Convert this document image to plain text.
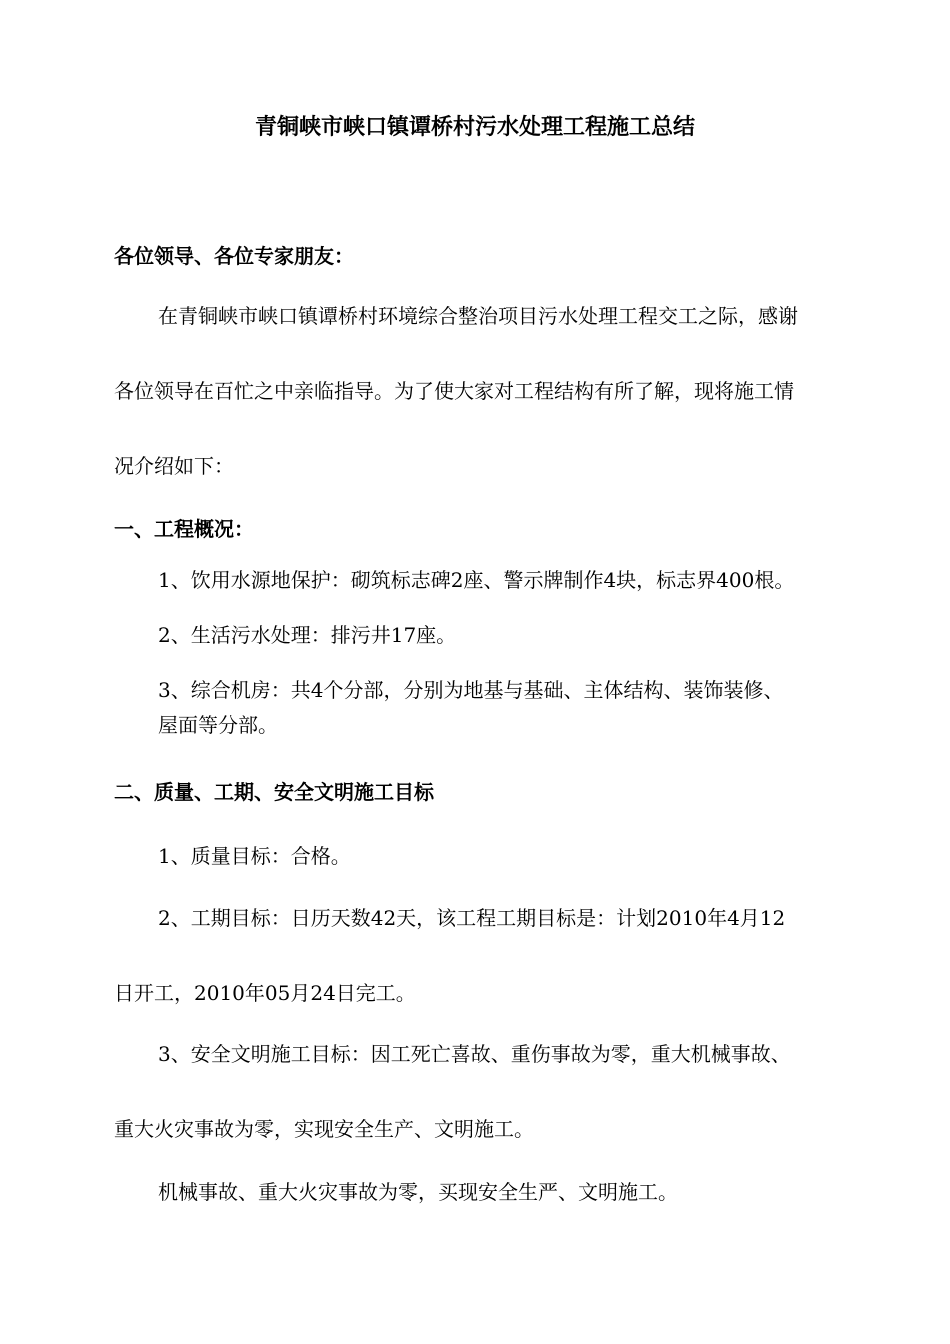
青铜峡市峡口镇谭桥村污水处理工程施工总结

各位领导、各位专家朋友：

在青铜峡市峡口镇谭桥村环境综合整治项目污水处理工程交工之际，感谢

各位领导在百忙之中亲临指导。为了使大家对工程结构有所了解，现将施工情

况介绍如下：

一、工程概况：

1、饮用水源地保护：砌筑标志碑2座、警示牌制作4块，标志界400根。

2、生活污水处理：排污井17座。

3、综合机房：共4个分部，分别为地基与基础、主体结构、装饰装修、

屋面等分部。

二、质量、工期、安全文明施工目标

1、质量目标：合格。

2、工期目标：日历天数42天，该工程工期目标是：计划2010年4月12

日开工，2010年05月24日完工。

3、安全文明施工目标：因工死亡喜故、重伤事故为零，重大机械事故、

重大火灾事故为零，实现安全生产、文明施工。

机械事故、重大火灾事故为零，买现安全生严、文明施工。
